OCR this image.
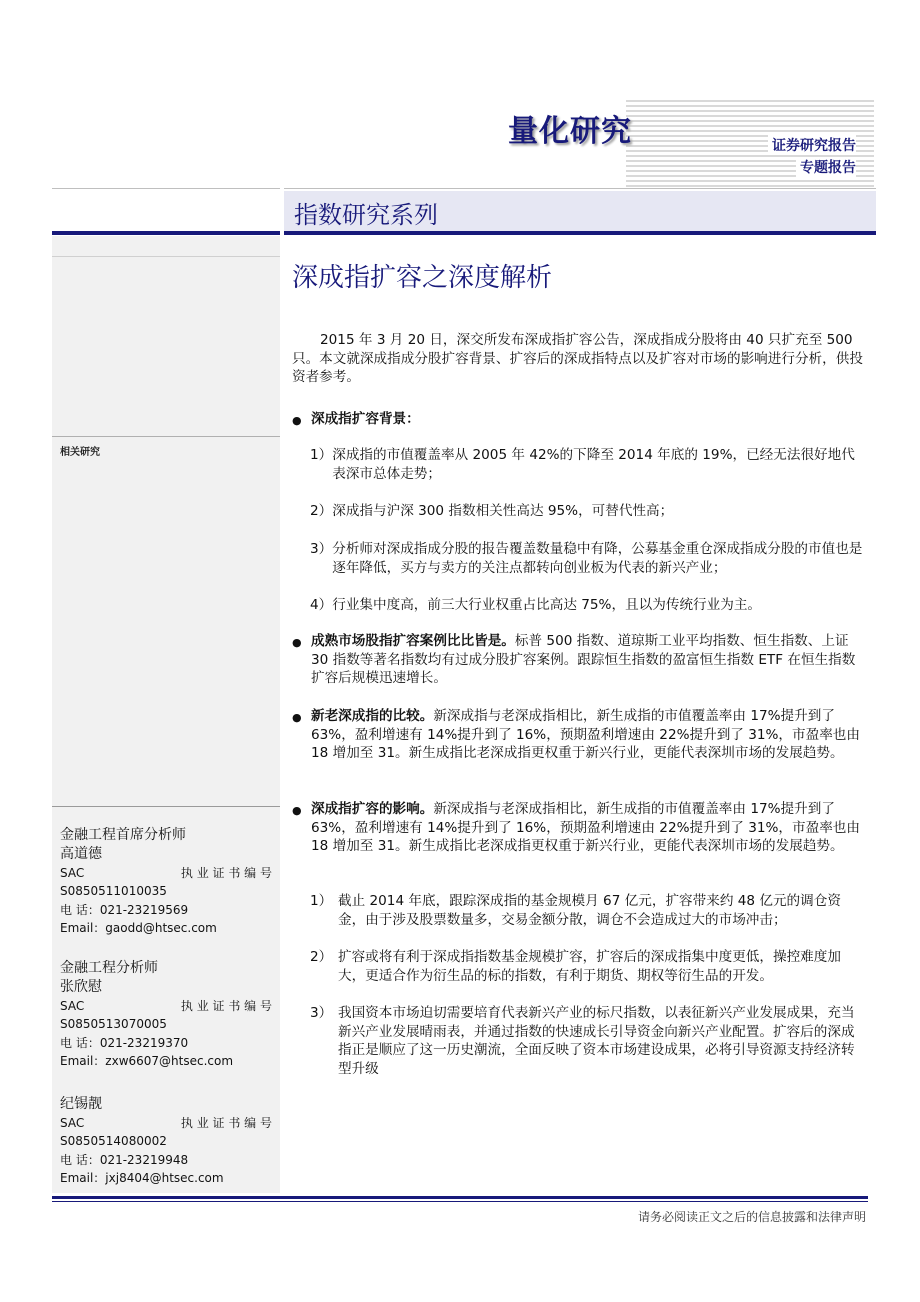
量化研究	证券研究报告
专题报告
指数研究系列
相关研究
金融工程首席分析师
高道德
SAC	执 业 证 书 编 号
S0850511010035
电 话：021-23219569
Email：gaodd@htsec.com
金融工程分析师
张欣慰
SAC	执 业 证 书 编 号
S0850513070005
电 话：021-23219370
Email：zxw6607@htsec.com
纪锡靓
SAC	执 业 证 书 编 号
S0850514080002
电 话：021-23219948
Email：jxj8404@htsec.com
深成指扩容之深度解析
2015 年 3 月 20 日，深交所发布深成指扩容公告，深成指成分股将由 40 只扩充至 500 只。本文就深成指成分股扩容背景、扩容后的深成指特点以及扩容对市场的影响进行分析，供投资者参考。
● 深成指扩容背景：
1） 深成指的市值覆盖率从 2005 年 42%的下降至 2014 年底的 19%，已经无法很好地代表深市总体走势；
2） 深成指与沪深 300 指数相关性高达 95%，可替代性高；
3） 分析师对深成指成分股的报告覆盖数量稳中有降，公募基金重仓深成指成分股的市值也是逐年降低，买方与卖方的关注点都转向创业板为代表的新兴产业；
4） 行业集中度高，前三大行业权重占比高达 75%，且以为传统行业为主。
● 成熟市场股指扩容案例比比皆是。标普 500 指数、道琼斯工业平均指数、恒生指数、上证 30 指数等著名指数均有过成分股扩容案例。跟踪恒生指数的盈富恒生指数 ETF 在恒生指数扩容后规模迅速增长。
● 新老深成指的比较。新深成指与老深成指相比，新生成指的市值覆盖率由 17%提升到了 63%，盈利增速有 14%提升到了 16%，预期盈利增速由 22%提升到了 31%，市盈率也由 18 增加至 31。新生成指比老深成指更权重于新兴行业，更能代表深圳市场的发展趋势。
● 深成指扩容的影响。新深成指与老深成指相比，新生成指的市值覆盖率由 17%提升到了 63%，盈利增速有 14%提升到了 16%，预期盈利增速由 22%提升到了 31%，市盈率也由 18 增加至 31。新生成指比老深成指更权重于新兴行业，更能代表深圳市场的发展趋势。
1） 截止 2014 年底，跟踪深成指的基金规模月 67 亿元，扩容带来约 48 亿元的调仓资金，由于涉及股票数量多，交易金额分散，调仓不会造成过大的市场冲击；
2） 扩容或将有利于深成指指数基金规模扩容，扩容后的深成指集中度更低，操控难度加大，更适合作为衍生品的标的指数，有利于期货、期权等衍生品的开发。
3） 我国资本市场迫切需要培育代表新兴产业的标尺指数，以表征新兴产业发展成果，充当新兴产业发展晴雨表，并通过指数的快速成长引导资金向新兴产业配置。扩容后的深成指正是顺应了这一历史潮流，全面反映了资本市场建设成果，必将引导资源支持经济转型升级
请务必阅读正文之后的信息披露和法律声明
